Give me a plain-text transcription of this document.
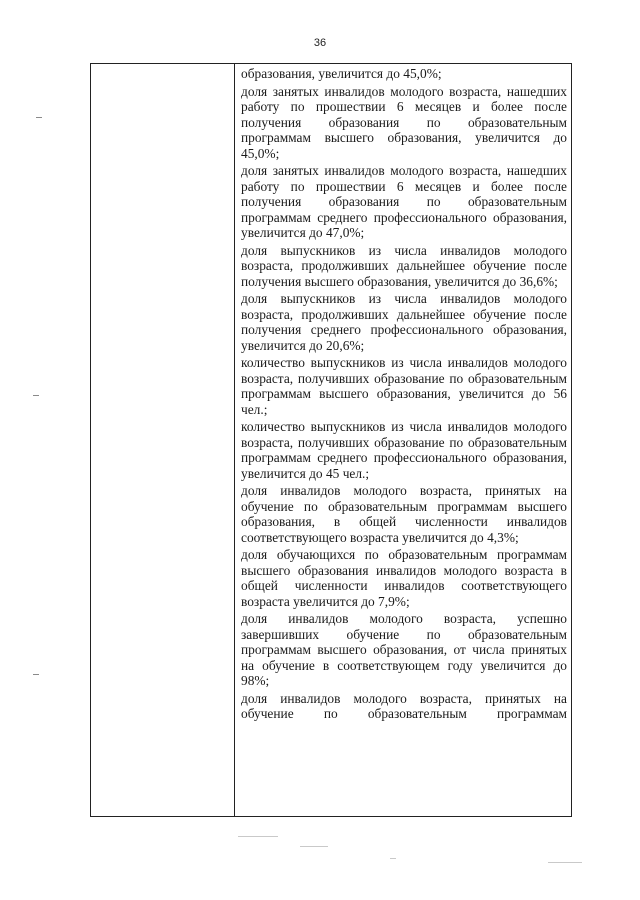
36

образования, увеличится до 45,0%;

доля занятых инвалидов молодого возраста, нашедших работу по прошествии 6 месяцев и более после получения образования по образовательным программам высшего образования, увеличится до 45,0%;

доля занятых инвалидов молодого возраста, нашедших работу по прошествии 6 месяцев и более после получения образования по образовательным программам среднего профессионального образования, увеличится до 47,0%;

доля выпускников из числа инвалидов молодого возраста, продолживших дальнейшее обучение после получения высшего образования, увеличится до 36,6%;

доля выпускников из числа инвалидов молодого возраста, продолживших дальнейшее обучение после получения среднего профессионального образования, увеличится до 20,6%;

количество выпускников из числа инвалидов молодого возраста, получивших образование по образовательным программам высшего образования, увеличится до 56 чел.;

количество выпускников из числа инвалидов молодого возраста, получивших образование по образовательным программам среднего профессионального образования, увеличится до 45 чел.;

доля инвалидов молодого возраста, принятых на обучение по образовательным программам высшего образования, в общей численности инвалидов соответствующего возраста увеличится до 4,3%;

доля обучающихся по образовательным программам высшего образования инвалидов молодого возраста в общей численности инвалидов соответствующего возраста увеличится до 7,9%;

доля инвалидов молодого возраста, успешно завершивших обучение по образовательным программам высшего образования, от числа принятых на обучение в соответствующем году увеличится до 98%;

доля инвалидов молодого возраста, принятых на обучение по образовательным программам
